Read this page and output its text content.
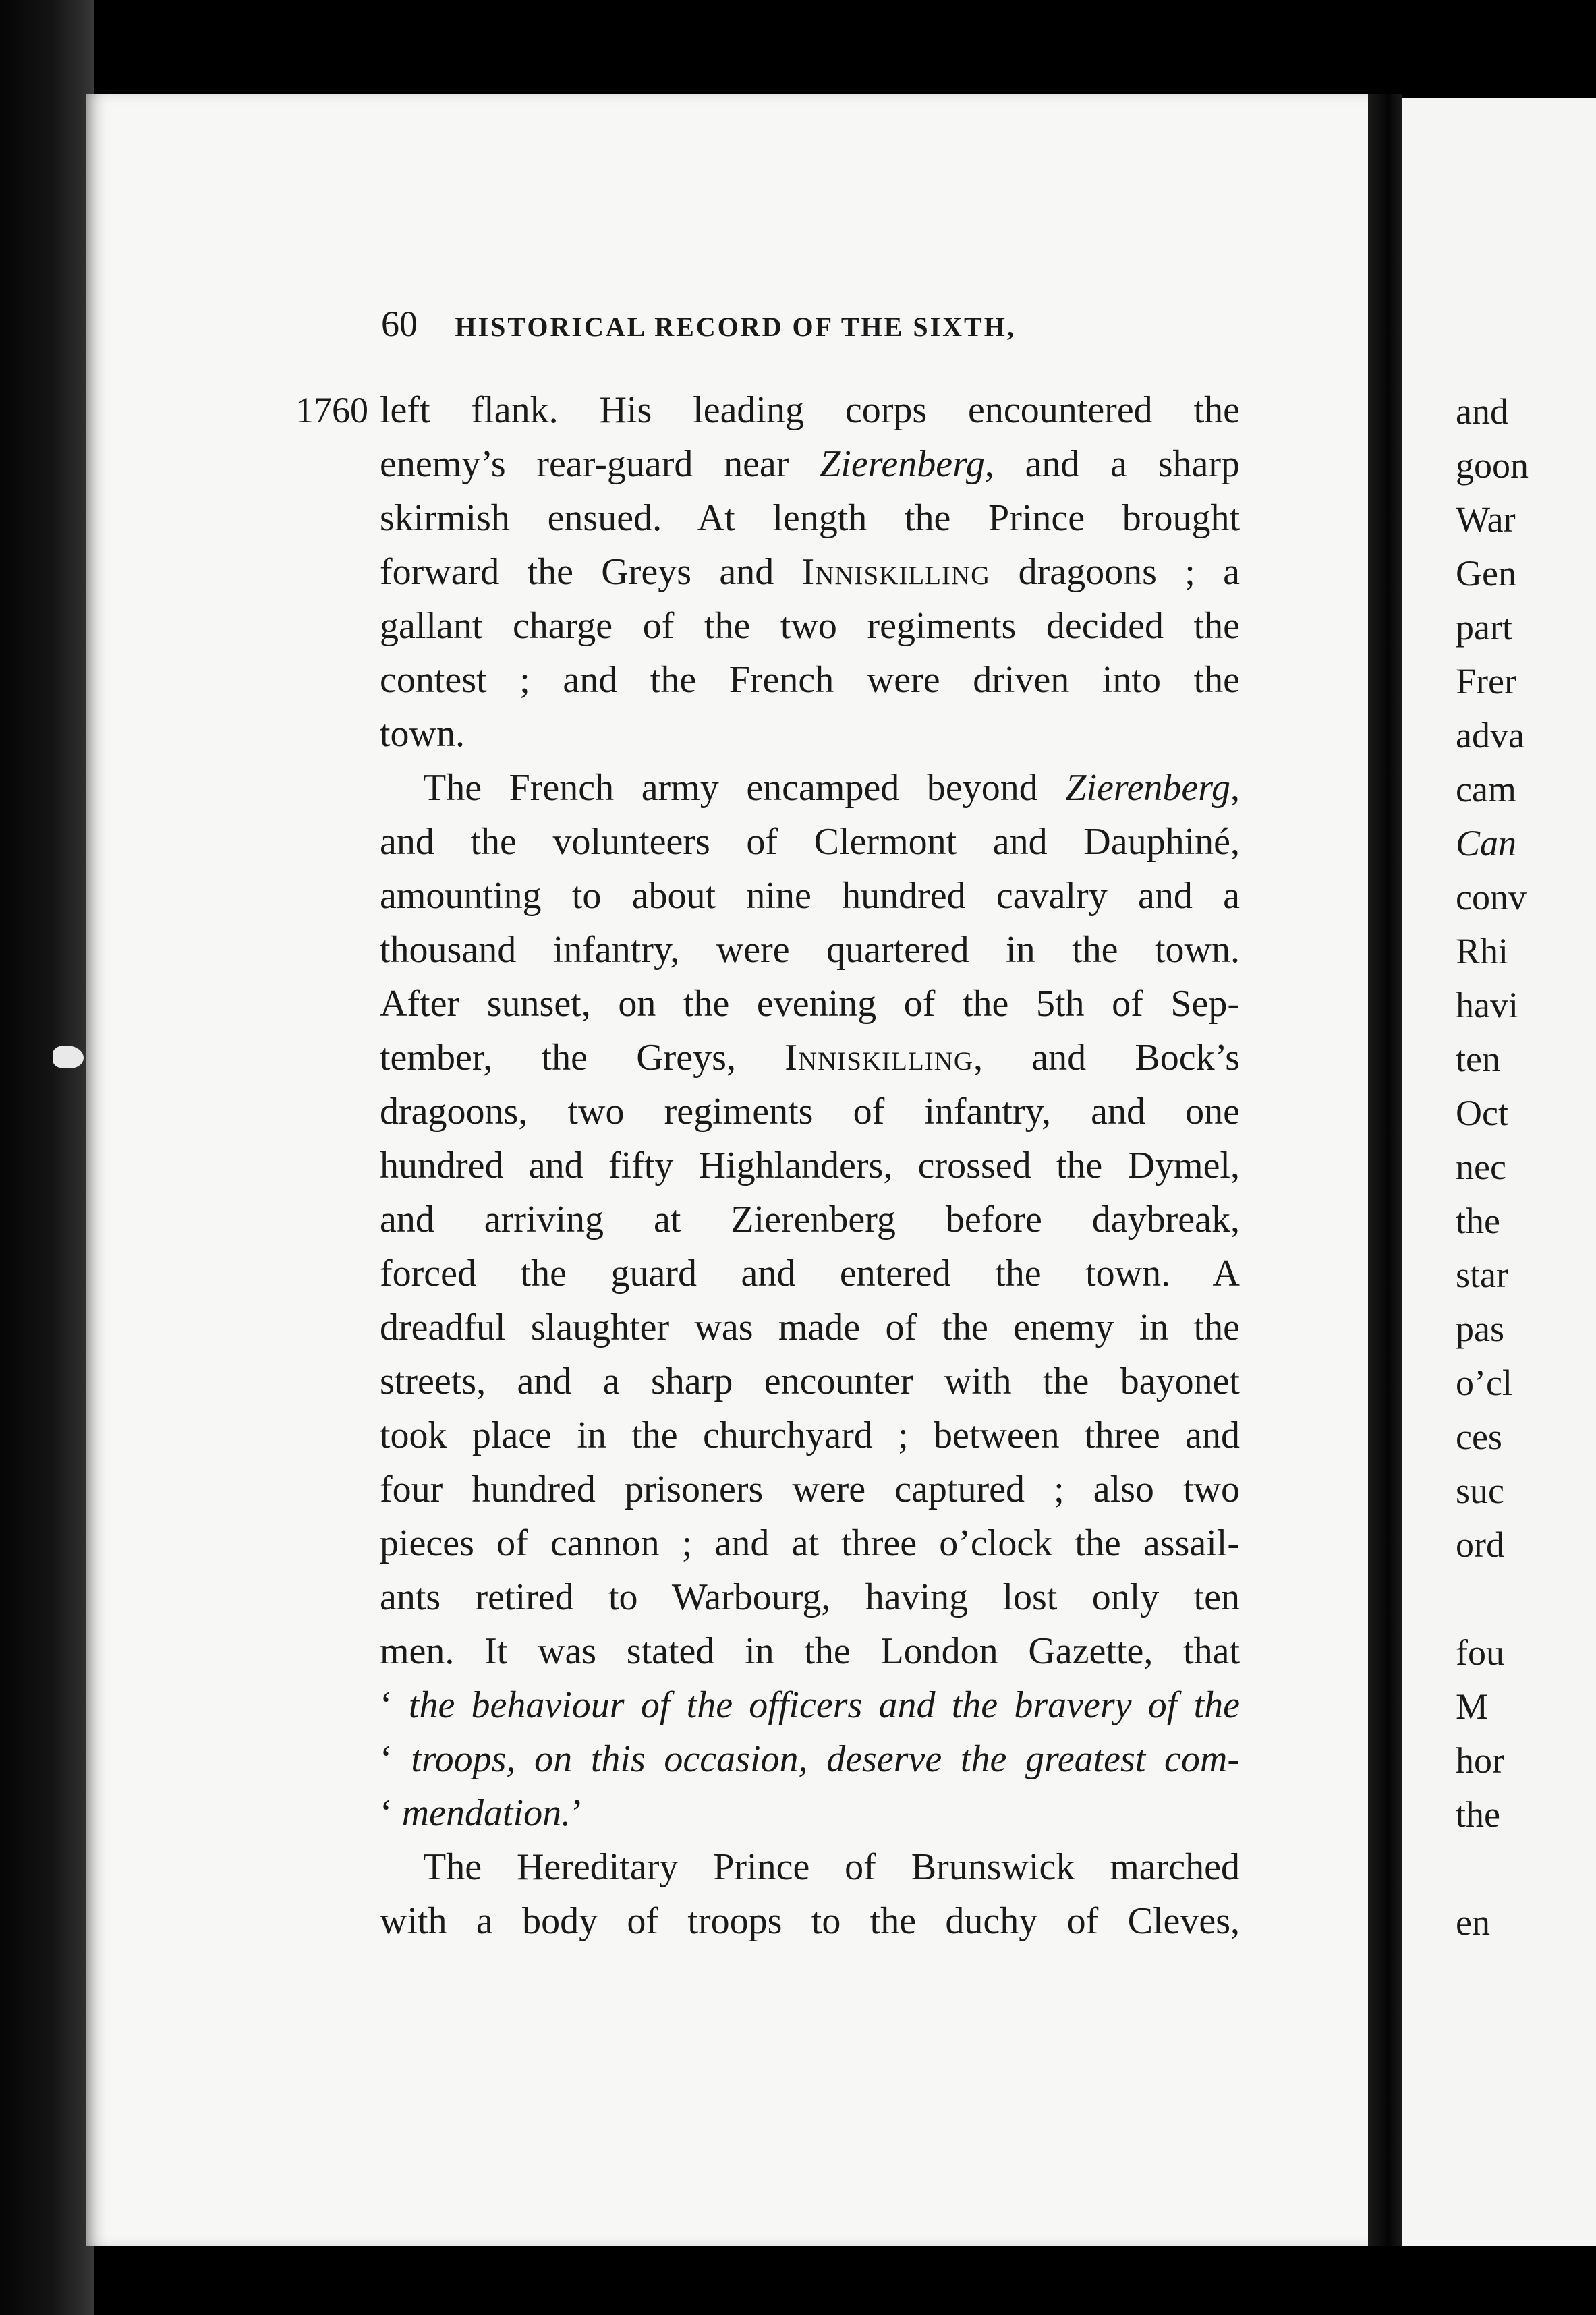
and
goon
War
Gen
part
Frer
adva
cam
Can
conv
Rhi
havi
ten
Oct
nec
the
star
pas
o’cl
ces
suc
ord
fou
M
hor
the
en
60 HISTORICAL RECORD OF THE SIXTH,
1760 left flank. His leading corps encountered the
enemy’s rear-guard near Zierenberg, and a sharp
skirmish ensued. At length the Prince brought
forward the Greys and Inniskilling dragoons ; a
gallant charge of the two regiments decided the
contest ; and the French were driven into the
town.
The French army encamped beyond Zierenberg,
and the volunteers of Clermont and Dauphiné,
amounting to about nine hundred cavalry and a
thousand infantry, were quartered in the town.
After sunset, on the evening of the 5th of Sep-
tember, the Greys, Inniskilling, and Bock’s
dragoons, two regiments of infantry, and one
hundred and fifty Highlanders, crossed the Dymel,
and arriving at Zierenberg before daybreak,
forced the guard and entered the town. A
dreadful slaughter was made of the enemy in the
streets, and a sharp encounter with the bayonet
took place in the churchyard ; between three and
four hundred prisoners were captured ; also two
pieces of cannon ; and at three o’clock the assail-
ants retired to Warbourg, having lost only ten
men. It was stated in the London Gazette, that
‘ the behaviour of the officers and the bravery of the
‘ troops, on this occasion, deserve the greatest com-
‘ mendation.’
The Hereditary Prince of Brunswick marched
with a body of troops to the duchy of Cleves,
